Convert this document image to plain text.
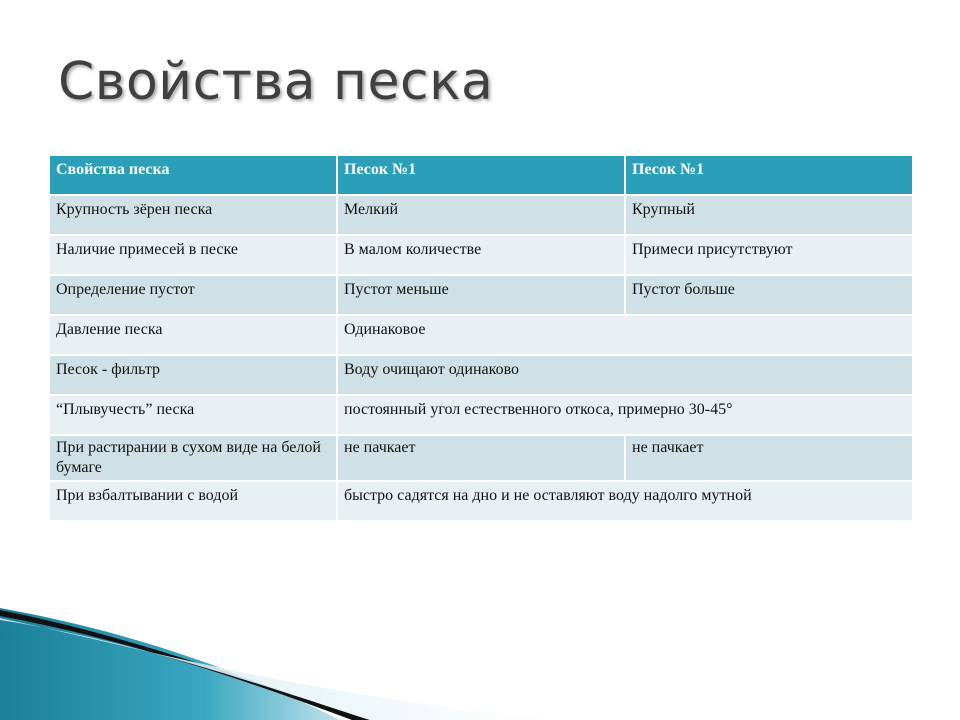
Свойства песка
Свойства песка	Песок №1	Песок №1
Крупность зёрен песка	Мелкий	Крупный
Наличие примесей в песке	В малом количестве	Примеси присутствуют
Определение пустот	Пустот меньше	Пустот больше
Давление песка	Одинаковое	
Песок - фильтр	Воду очищают одинаково	
“Плывучесть” песка	постоянный угол естественного откоса, примерно 30-45°	
При растирании в сухом виде на белой бумаге	не пачкает	не пачкает
При взбалтывании с водой	быстро садятся на дно и не оставляют воду надолго мутной	
